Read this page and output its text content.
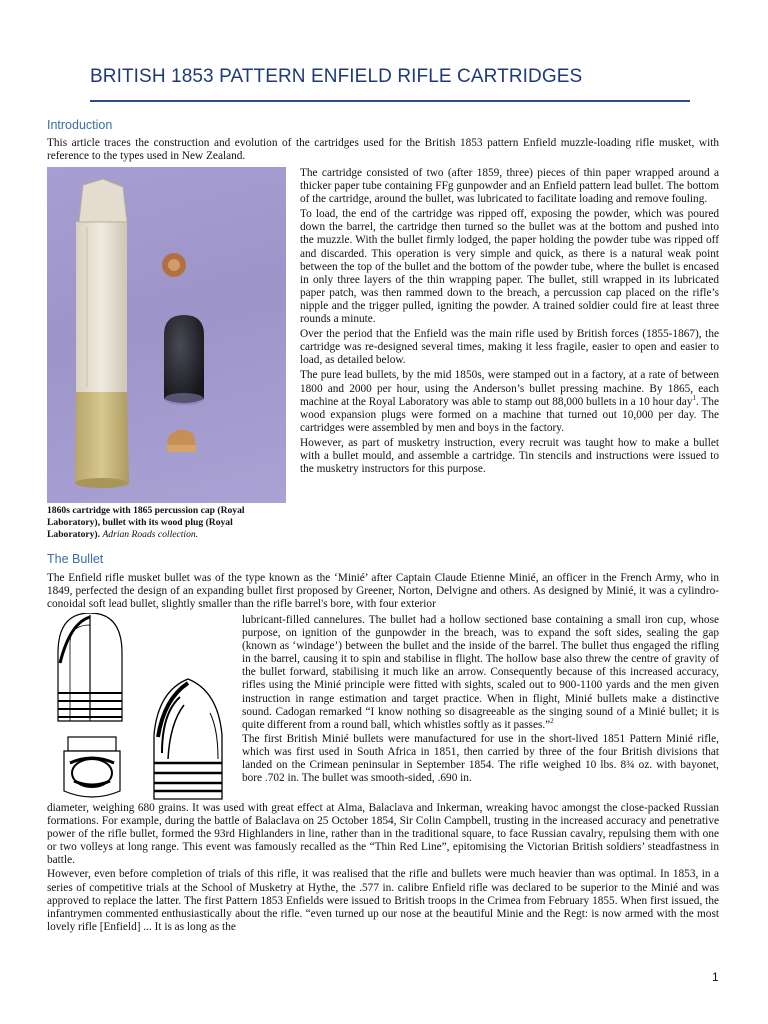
BRITISH 1853 PATTERN ENFIELD RIFLE CARTRIDGES
Introduction

This article traces the construction and evolution of the cartridges used for the British 1853 pattern Enfield muzzle-loading rifle musket, with reference to the types used in New Zealand.

1860s cartridge with 1865 percussion cap (Royal Laboratory), bullet with its wood plug (Royal Laboratory). Adrian Roads collection.

The cartridge consisted of two (after 1859, three) pieces of thin paper wrapped around a thicker paper tube containing FFg gunpowder and an Enfield pattern lead bullet. The bottom of the cartridge, around the bullet, was lubricated to facilitate loading and remove fouling.

To load, the end of the cartridge was ripped off, exposing the powder, which was poured down the barrel, the cartridge then turned so the bullet was at the bottom and pushed into the muzzle. With the bullet firmly lodged, the paper holding the powder tube was ripped off and discarded. This operation is very simple and quick, as there is a natural weak point between the top of the bullet and the bottom of the powder tube, where the bullet is encased in only three layers of the thin wrapping paper. The bullet, still wrapped in its lubricated paper patch, was then rammed down to the breach, a percussion cap placed on the rifle’s nipple and the trigger pulled, igniting the powder. A trained soldier could fire at least three rounds a minute.

Over the period that the Enfield was the main rifle used by British forces (1855-1867), the cartridge was re-designed several times, making it less fragile, easier to open and easier to load, as detailed below.

The pure lead bullets, by the mid 1850s, were stamped out in a factory, at a rate of between 1800 and 2000 per hour, using the Anderson’s bullet pressing machine. By 1865, each machine at the Royal Laboratory was able to stamp out 88,000 bullets in a 10 hour day$^1$. The wood expansion plugs were formed on a machine that turned out 10,000 per day. The cartridges were assembled by men and boys in the factory.

However, as part of musketry instruction, every recruit was taught how to make a bullet with a bullet mould, and assemble a cartridge. Tin stencils and instructions were issued to the musketry instructors for this purpose.

The Bullet

The Enfield rifle musket bullet was of the type known as the ‘Minié’ after Captain Claude Etienne Minié, an officer in the French Army, who in 1849, perfected the design of an expanding bullet first proposed by Greener, Norton, Delvigne and others. As designed by Minié, it was a cylindro-conoidal soft lead bullet, slightly smaller than the rifle barrel's bore, with four exterior

lubricant-filled cannelures. The bullet had a hollow sectioned base containing a small iron cup, whose purpose, on ignition of the gunpowder in the breach, was to expand the soft sides, sealing the gap (known as ‘windage’) between the bullet and the inside of the barrel. The bullet thus engaged the rifling in the barrel, causing it to spin and stabilise in flight. The hollow base also threw the centre of gravity of the bullet forward, stabilising it much like an arrow. Consequently because of this increased accuracy, rifles using the Minié principle were fitted with sights, scaled out to 900-1100 yards and the men given instruction in range estimation and target practice. When in flight, Minié bullets make a distinctive sound. Cadogan remarked “I know nothing so disagreeable as the singing sound of a Minié bullet; it is quite different from a round ball, which whistles softly as it passes.”$^2$

The first British Minié bullets were manufactured for use in the short-lived 1851 Pattern Minié rifle, which was first used in South Africa in 1851, then carried by three of the four British divisions that landed on the Crimean peninsular in September 1854. The rifle weighed 10 lbs. 8¾ oz. with bayonet, bore .702 in. The bullet was smooth-sided, .690 in.

diameter, weighing 680 grains. It was used with great effect at Alma, Balaclava and Inkerman, wreaking havoc amongst the close-packed Russian formations. For example, during the battle of Balaclava on 25 October 1854, Sir Colin Campbell, trusting in the increased accuracy and penetrative power of the rifle bullet, formed the 93rd Highlanders in line, rather than in the traditional square, to face Russian cavalry, repulsing them with one or two volleys at long range. This event was famously recalled as the “Thin Red Line”, epitomising the Victorian British soldiers’ steadfastness in battle.

However, even before completion of trials of this rifle, it was realised that the rifle and bullets were much heavier than was optimal. In 1853, in a series of competitive trials at the School of Musketry at Hythe, the .577 in. calibre Enfield rifle was declared to be superior to the Minié and was approved to replace the latter. The first Pattern 1853 Enfields were issued to British troops in the Crimea from February 1855. When first issued, the infantrymen commented enthusiastically about the rifle. “even turned up our nose at the beautiful Minie and the Regt: is now armed with the most lovely rifle [Enfield] ... It is as long as the

1
